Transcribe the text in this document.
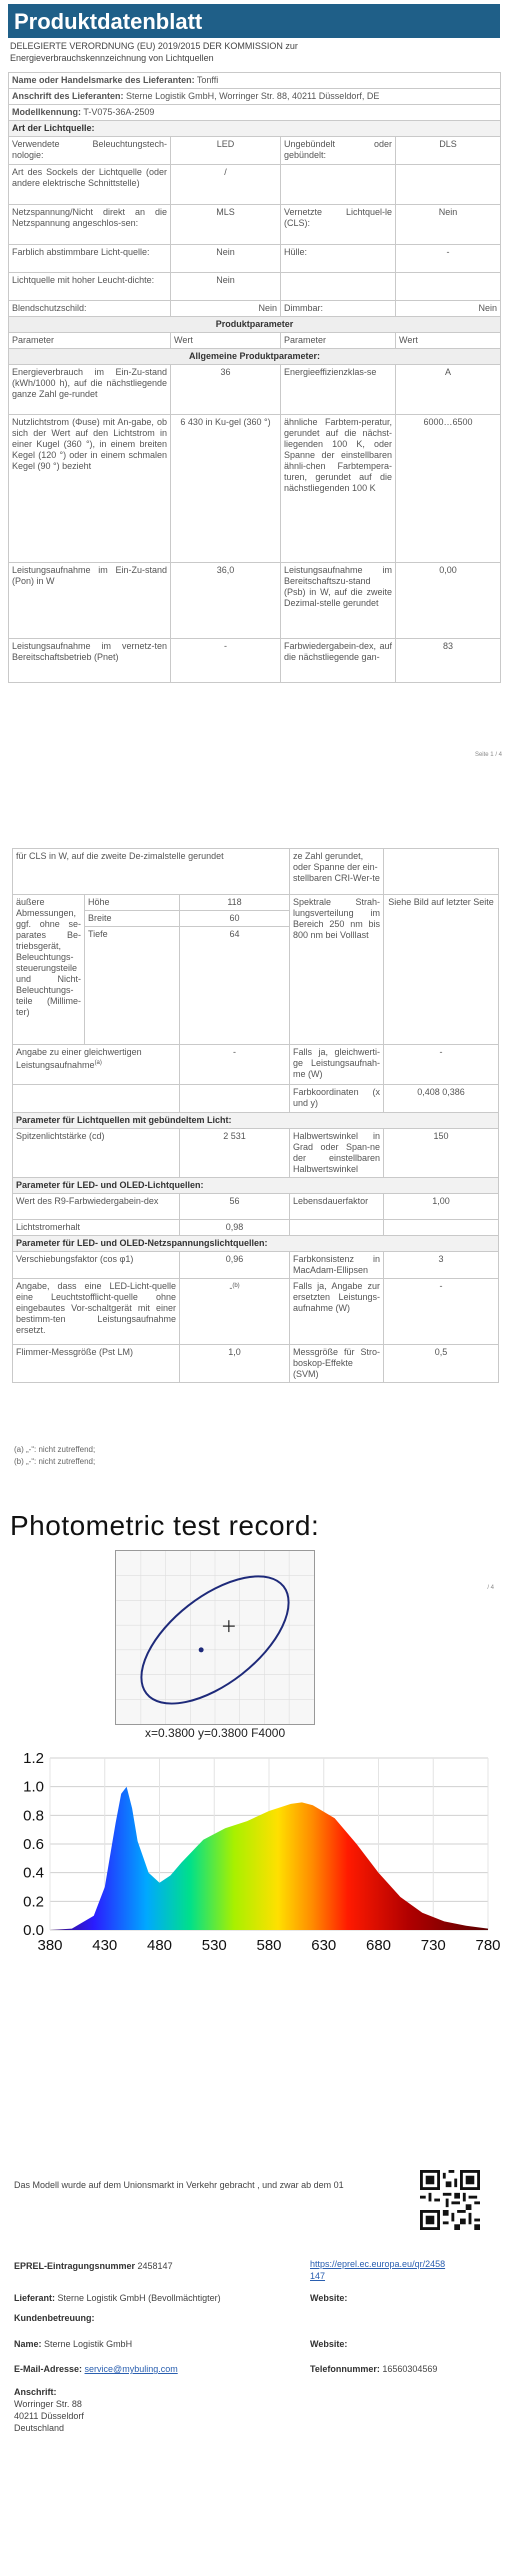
Produktdatenblatt
DELEGIERTE VERORDNUNG (EU) 2019/2015 DER KOMMISSION zur Energieverbrauchskennzeichnung von Lichtquellen
Name oder Handelsmarke des Lieferanten: Tonffi			
Anschrift des Lieferanten: Sterne Logistik GmbH, Worringer Str. 88, 40211 Düsseldorf, DE			
Modellkennung: T-V075-36A-2509			
Art der Lichtquelle:			
Verwendete Beleuchtungstech-nologie:	LED	Ungebündelt oder gebündelt:	DLS
Art des Sockels der Lichtquelle (oder andere elektrische Schnittstelle)	/		
Netzspannung/Nicht direkt an die Netzspannung angeschlos-sen:	MLS	Vernetzte Lichtquel-le (CLS):	Nein
Farblich abstimmbare Licht-quelle:	Nein	Hülle:	-
Lichtquelle mit hoher Leucht-dichte:	Nein		
Blendschutzschild:	Nein	Dimmbar:	Nein
Produktparameter			
Parameter	Wert	Parameter	Wert
Allgemeine Produktparameter:			
Energieverbrauch im Ein-Zu-stand (kWh/1000 h), auf die nächstliegende ganze Zahl ge-rundet	36	Energieeffizienzklas-se	A
Nutzlichtstrom (Φuse) mit An-gabe, ob sich der Wert auf den Lichtstrom in einer Kugel (360 °), in einem breiten Kegel (120 °) oder in einem schmalen Kegel (90 °) bezieht	6 430 in Ku-gel (360 °)	ähnliche Farbtem-peratur, gerundet auf die nächst-liegenden 100 K, oder Spanne der einstellbaren ähnli-chen Farbtempera-turen, gerundet auf die nächstliegenden 100 K	6000…6500
Leistungsaufnahme im Ein-Zu-stand (Pon) in W	36,0	Leistungsaufnahme im Bereitschaftszu-stand (Psb) in W, auf die zweite Dezimal-stelle gerundet	0,00
Leistungsaufnahme im vernetz-ten Bereitschaftsbetrieb (Pnet)	-	Farbwiedergabein-dex, auf die nächstliegende gan-	83
Seite 1 / 4
für CLS in W, auf die zweite De-zimalstelle gerundet			ze Zahl gerundet, oder Spanne der ein-stellbaren CRI-Wer-te	
äußere Abmessungen, ggf. ohne se-parates Be-triebsgerät, Beleuchtungs-steuerungsteile und Nicht-Beleuchtungs-teile (Millime-ter)	Höhe	118	Spektrale Strah-lungsverteilung im Bereich 250 nm bis 800 nm bei Volllast	Siehe Bild auf letzter Seite
	Breite	60		
	Tiefe	64		
Angabe zu einer gleichwertigen Leistungsaufnahme$^{(a)}$		-	Falls ja, gleichwerti-ge Leistungsaufnah-me (W)	-
			Farbkoordinaten (x und y)	0,408 0,386
Parameter für Lichtquellen mit gebündeltem Licht:				
Spitzenlichtstärke (cd)		2 531	Halbwertswinkel in Grad oder Span-ne der einstellbaren Halbwertswinkel	150
Parameter für LED- und OLED-Lichtquellen:				
Wert des R9-Farbwiedergabein-dex		56	Lebensdauerfaktor	1,00
Lichtstromerhalt		0,98		
Parameter für LED- und OLED-Netzspannungslichtquellen:				
Verschiebungsfaktor (cos φ1)		0,96	Farbkonsistenz in MacAdam-Ellipsen	3
Angabe, dass eine LED-Licht-quelle eine Leuchtstofflicht-quelle ohne eingebautes Vor-schaltgerät mit einer bestimm-ten Leistungsaufnahme ersetzt.		-$^{(b)}$	Falls ja, Angabe zur ersetzten Leistungs-aufnahme (W)	-
Flimmer-Messgröße (Pst LM)		1,0	Messgröße für Stro-boskop-Effekte (SVM)	0,5
(a) „-“: nicht zutreffend;
(b) „-“: nicht zutreffend;
Photometric test record:
/ 4
x=0.3800 y=0.3800 F4000
0.0
0.2
0.4
0.6
0.8
1.0
1.2
380 430 480 530 580 630 680 730 780
Das Modell wurde auf dem Unionsmarkt in Verkehr gebracht , und zwar ab dem 01
EPREL-Eintragungsnummer 2458147	https://eprel.ec.europa.eu/qr/2458147
Lieferant: Sterne Logistik GmbH (Bevollmächtigter)	Website:
Kundenbetreuung:
Name: Sterne Logistik GmbH	Website:
E-Mail-Adresse: service@mybuling.com	Telefonnummer: 16560304569
Anschrift:
Worringer Str. 88
40211 Düsseldorf
Deutschland
